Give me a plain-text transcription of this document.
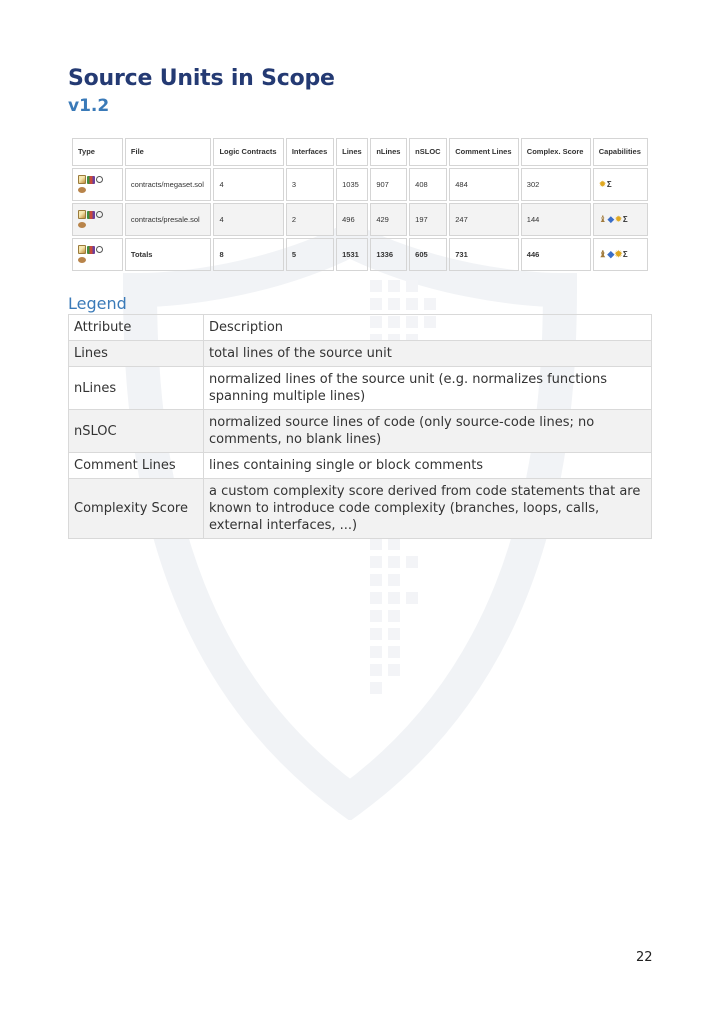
Source Units in Scope
v1.2
Type	File	Logic Contracts	Interfaces	Lines	nLines	nSLOC	Comment Lines	Complex. Score	Capabilities

	contracts/megaset.sol	4	3	1035	907	408	484	302	✹Σ

	contracts/presale.sol	4	2	496	429	197	247	144	♝◆✹Σ

	Totals	8	5	1531	1336	605	731	446	♝◆✹Σ
Legend
Attribute	Description
Lines	total lines of the source unit
nLines	normalized lines of the source unit (e.g. normalizes functions spanning multiple lines)
nSLOC	normalized source lines of code (only source-code lines; no comments, no blank lines)
Comment Lines	lines containing single or block comments
Complexity Score	a custom complexity score derived from code statements that are known to introduce code complexity (branches, loops, calls, external interfaces, ...)
22
